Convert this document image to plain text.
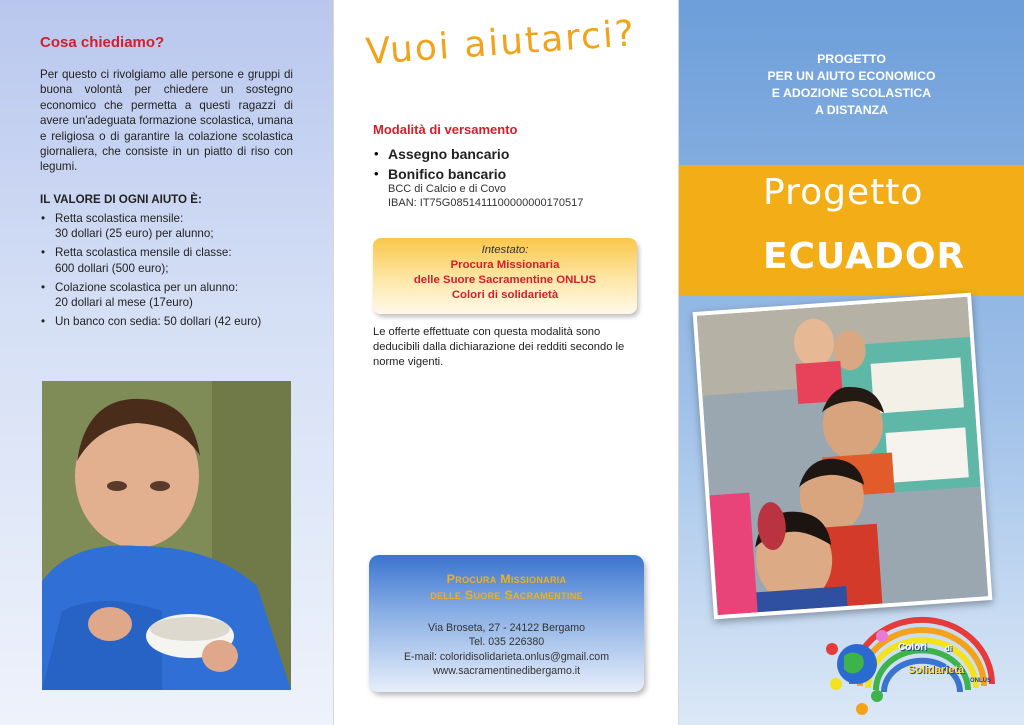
Cosa chiediamo?

Per questo ci rivolgiamo alle persone e gruppi di buona volontà per chiedere un sostegno economico che permetta a questi ragazzi di avere un'adeguata formazione scolastica, umana e religiosa o di garantire la colazione scolastica giornaliera, che consiste in un piatto di riso con legumi.

IL VALORE DI OGNI AIUTO È:

• Retta scolastica mensile:
30 dollari (25 euro) per alunno;
• Retta scolastica mensile di classe:
600 dollari (500 euro);
• Colazione scolastica per un alunno:
20 dollari al mese (17euro)
• Un banco con sedia: 50 dollari (42 euro)
Vuoi aiutarci?
Modalità di versamento
• Assegno bancario
• Bonifico bancario
BCC di Calcio e di Covo
IBAN: IT75G0851411100000000170517
Intestato:
Procura Missionaria
delle Suore Sacramentine ONLUS
Colori di solidarietà

Le offerte effettuate con questa modalità sono deducibili dalla dichiarazione dei redditi secondo le norme vigenti.

Procura Missionaria
delle Suore Sacramentine
Via Broseta, 27 - 24122 Bergamo
Tel. 035 226380
E-mail: coloridisolidarieta.onlus@gmail.com
www.sacramentinedibergamo.it
PROGETTO
PER UN AIUTO ECONOMICO
E ADOZIONE SCOLASTICA
A DISTANZA
Progetto
ECUADOR
Colori di
Solidarietà
ONLUS
